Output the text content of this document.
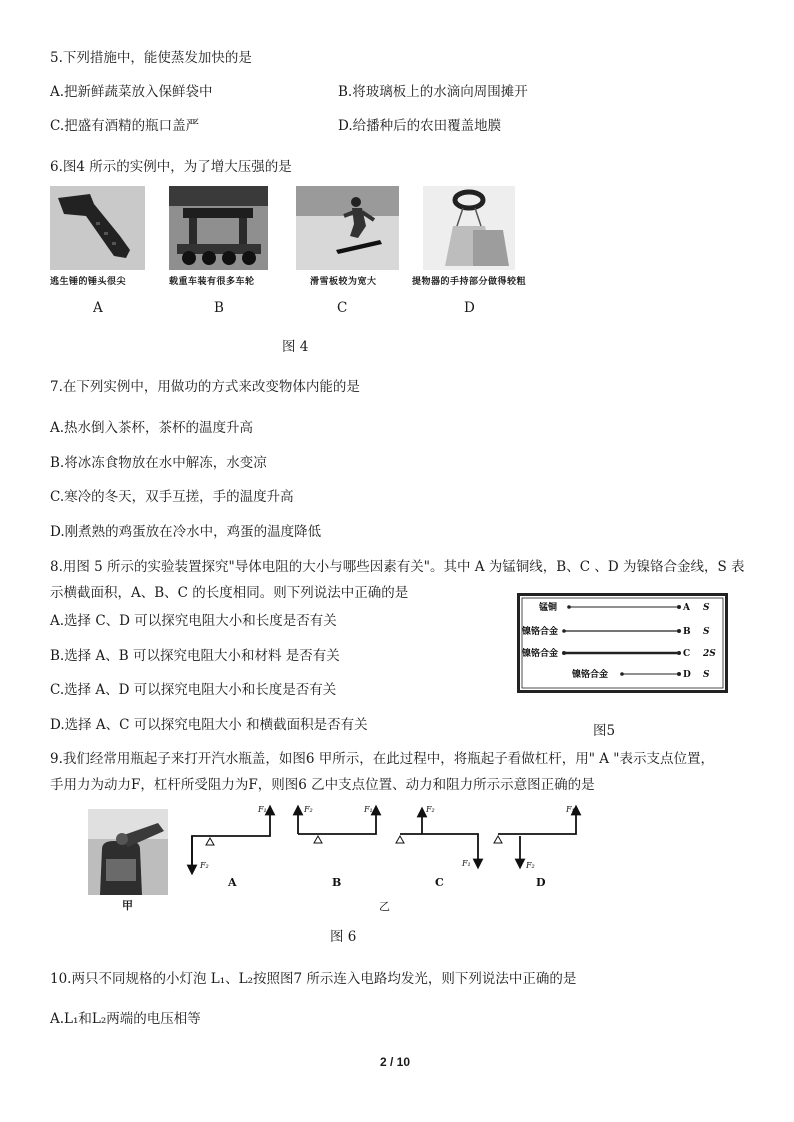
5.下列措施中，能使蒸发加快的是
A.把新鲜蔬菜放入保鲜袋中	B.将玻璃板上的水滴向周围摊开
C.把盛有酒精的瓶口盖严	D.给播种后的农田覆盖地膜
6.图4 所示的实例中，为了增大压强的是
逃生锤的锤头很尖	载重车装有很多车轮	滑雪板较为宽大	提物器的手持部分做得较粗
A	B	C	D
图 4
7.在下列实例中，用做功的方式来改变物体内能的是
A.热水倒入茶杯，茶杯的温度升高
B.将冰冻食物放在水中解冻，水变凉
C.寒冷的冬天，双手互搓，手的温度升高
D.刚煮熟的鸡蛋放在冷水中，鸡蛋的温度降低
8.用图 5 所示的实验装置探究"导体电阻的大小与哪些因素有关"。其中 A 为锰铜线，B、C 、D 为镍铬合金线，S 表
示横截面积，A、B、C 的长度相同。则下列说法中正确的是
A.选择 C、D 可以探究电阻大小和长度是否有关
B.选择 A、B 可以探究电阻大小和材料 是否有关
C.选择 A、D 可以探究电阻大小和长度是否有关
D.选择 A、C 可以探究电阻大小 和横截面积是否有关
锰铜	A S
镍铬合金	B S
镍铬合金	C 2S
镍铬合金	D S
图5
9.我们经常用瓶起子来打开汽水瓶盖，如图6 甲所示，在此过程中，将瓶起子看做杠杆，用" A "表示支点位置，
手用力为动力F，杠杆所受阻力为F，则图6 乙中支点位置、动力和阻力所示示意图正确的是
甲
F₁
F₂
F₂	F₁	F₂
F₁
F₁
F₂
A	B	C	D
乙
图 6
10.两只不同规格的小灯泡 L₁、L₂按照图7 所示连入电路均发光，则下列说法中正确的是
A.L₁和L₂两端的电压相等
2 / 10
